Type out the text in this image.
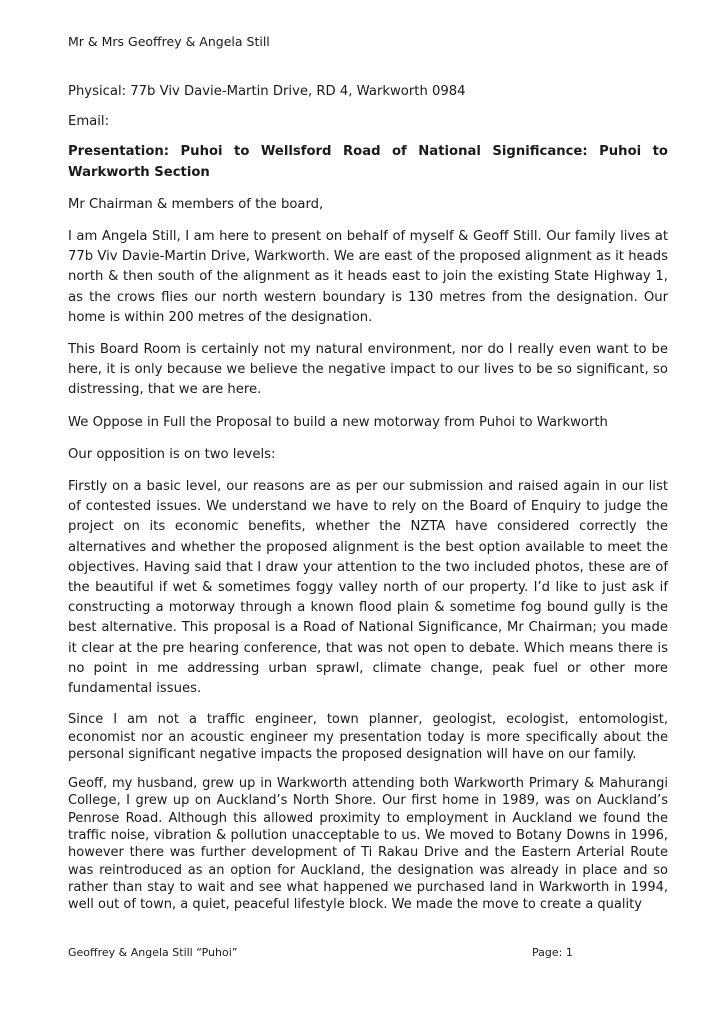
Mr & Mrs Geoffrey & Angela Still

Physical: 77b Viv Davie-Martin Drive, RD 4, Warkworth 0984

Email:

Presentation: Puhoi to Wellsford Road of National Significance: Puhoi to Warkworth Section

Mr Chairman & members of the board,

I am Angela Still, I am here to present on behalf of myself & Geoff Still. Our family lives at 77b Viv Davie-Martin Drive, Warkworth. We are east of the proposed alignment as it heads north & then south of the alignment as it heads east to join the existing State Highway 1, as the crows flies our north western boundary is 130 metres from the designation. Our home is within 200 metres of the designation.

This Board Room is certainly not my natural environment, nor do I really even want to be here, it is only because we believe the negative impact to our lives to be so significant, so distressing, that we are here.

We Oppose in Full the Proposal to build a new motorway from Puhoi to Warkworth

Our opposition is on two levels:

Firstly on a basic level, our reasons are as per our submission and raised again in our list of contested issues. We understand we have to rely on the Board of Enquiry to judge the project on its economic benefits, whether the NZTA have considered correctly the alternatives and whether the proposed alignment is the best option available to meet the objectives. Having said that I draw your attention to the two included photos, these are of the beautiful if wet & sometimes foggy valley north of our property. I’d like to just ask if constructing a motorway through a known flood plain & sometime fog bound gully is the best alternative. This proposal is a Road of National Significance, Mr Chairman; you made it clear at the pre hearing conference, that was not open to debate. Which means there is no point in me addressing urban sprawl, climate change, peak fuel or other more fundamental issues.

Since I am not a traffic engineer, town planner, geologist, ecologist, entomologist, economist nor an acoustic engineer my presentation today is more specifically about the personal significant negative impacts the proposed designation will have on our family.

Geoff, my husband, grew up in Warkworth attending both Warkworth Primary & Mahurangi College, I grew up on Auckland’s North Shore. Our first home in 1989, was on Auckland’s Penrose Road. Although this allowed proximity to employment in Auckland we found the traffic noise, vibration & pollution unacceptable to us. We moved to Botany Downs in 1996, however there was further development of Ti Rakau Drive and the Eastern Arterial Route was reintroduced as an option for Auckland, the designation was already in place and so rather than stay to wait and see what happened we purchased land in Warkworth in 1994, well out of town, a quiet, peaceful lifestyle block. We made the move to create a quality

Geoffrey & Angela Still “Puhoi”	Page: 1
